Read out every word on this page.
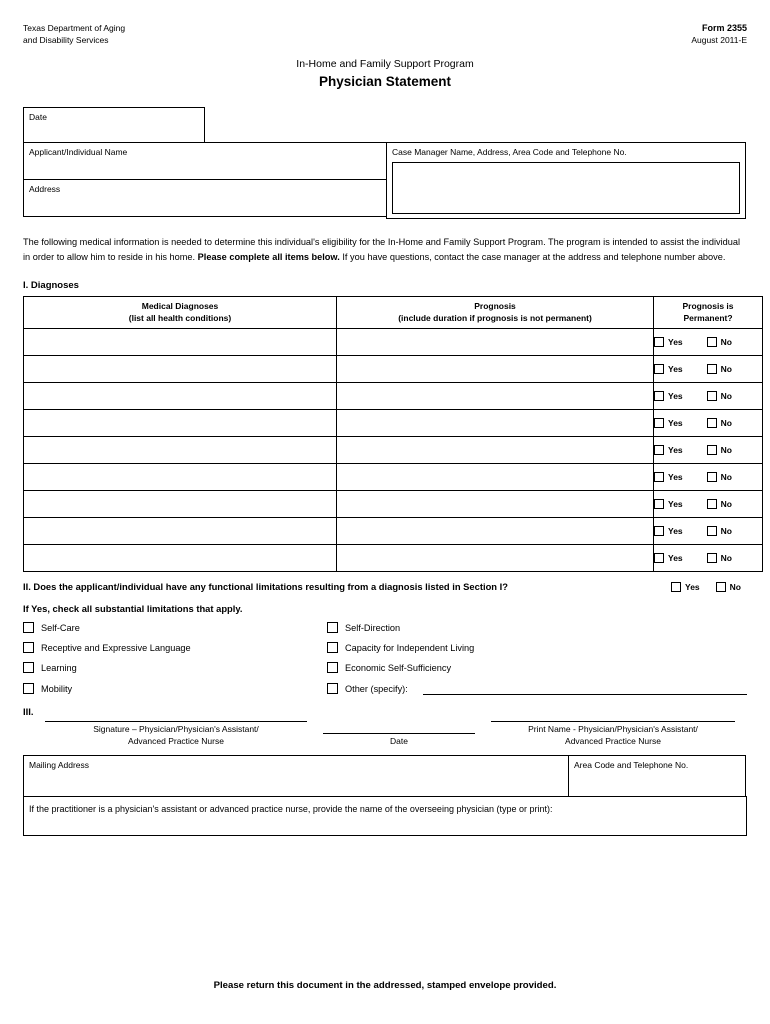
Texas Department of Aging
and Disability Services
Form 2355
August 2011-E
In-Home and Family Support Program
Physician Statement
Date
Applicant/Individual Name
Address
Case Manager Name, Address, Area Code and Telephone No.
The following medical information is needed to determine this individual's eligibility for the In-Home and Family Support Program. The program is intended to assist the individual in order to allow him to reside in his home. Please complete all items below. If you have questions, contact the case manager at the address and telephone number above.
I. Diagnoses
Medical Diagnoses
(list all health conditions)

Prognosis
(include duration if prognosis is not permanent)

Prognosis is
Permanent?

		Yes No

		Yes No

		Yes No

		Yes No

		Yes No

		Yes No

		Yes No

		Yes No

		Yes No
II. Does the applicant/individual have any functional limitations resulting from a diagnosis listed in Section I?	Yes	No
If Yes, check all substantial limitations that apply.
Self-Care	Self-Direction
Receptive and Expressive Language	Capacity for Independent Living
Learning	Economic Self-Sufficiency
Mobility	Other (specify):
III.
Signature – Physician/Physician's Assistant/
Advanced Practice Nurse	Date
Print Name - Physician/Physician's Assistant/
Advanced Practice Nurse
Mailing Address	Area Code and Telephone No.
If the practitioner is a physician's assistant or advanced practice nurse, provide the name of the overseeing physician (type or print):
Please return this document in the addressed, stamped envelope provided.
